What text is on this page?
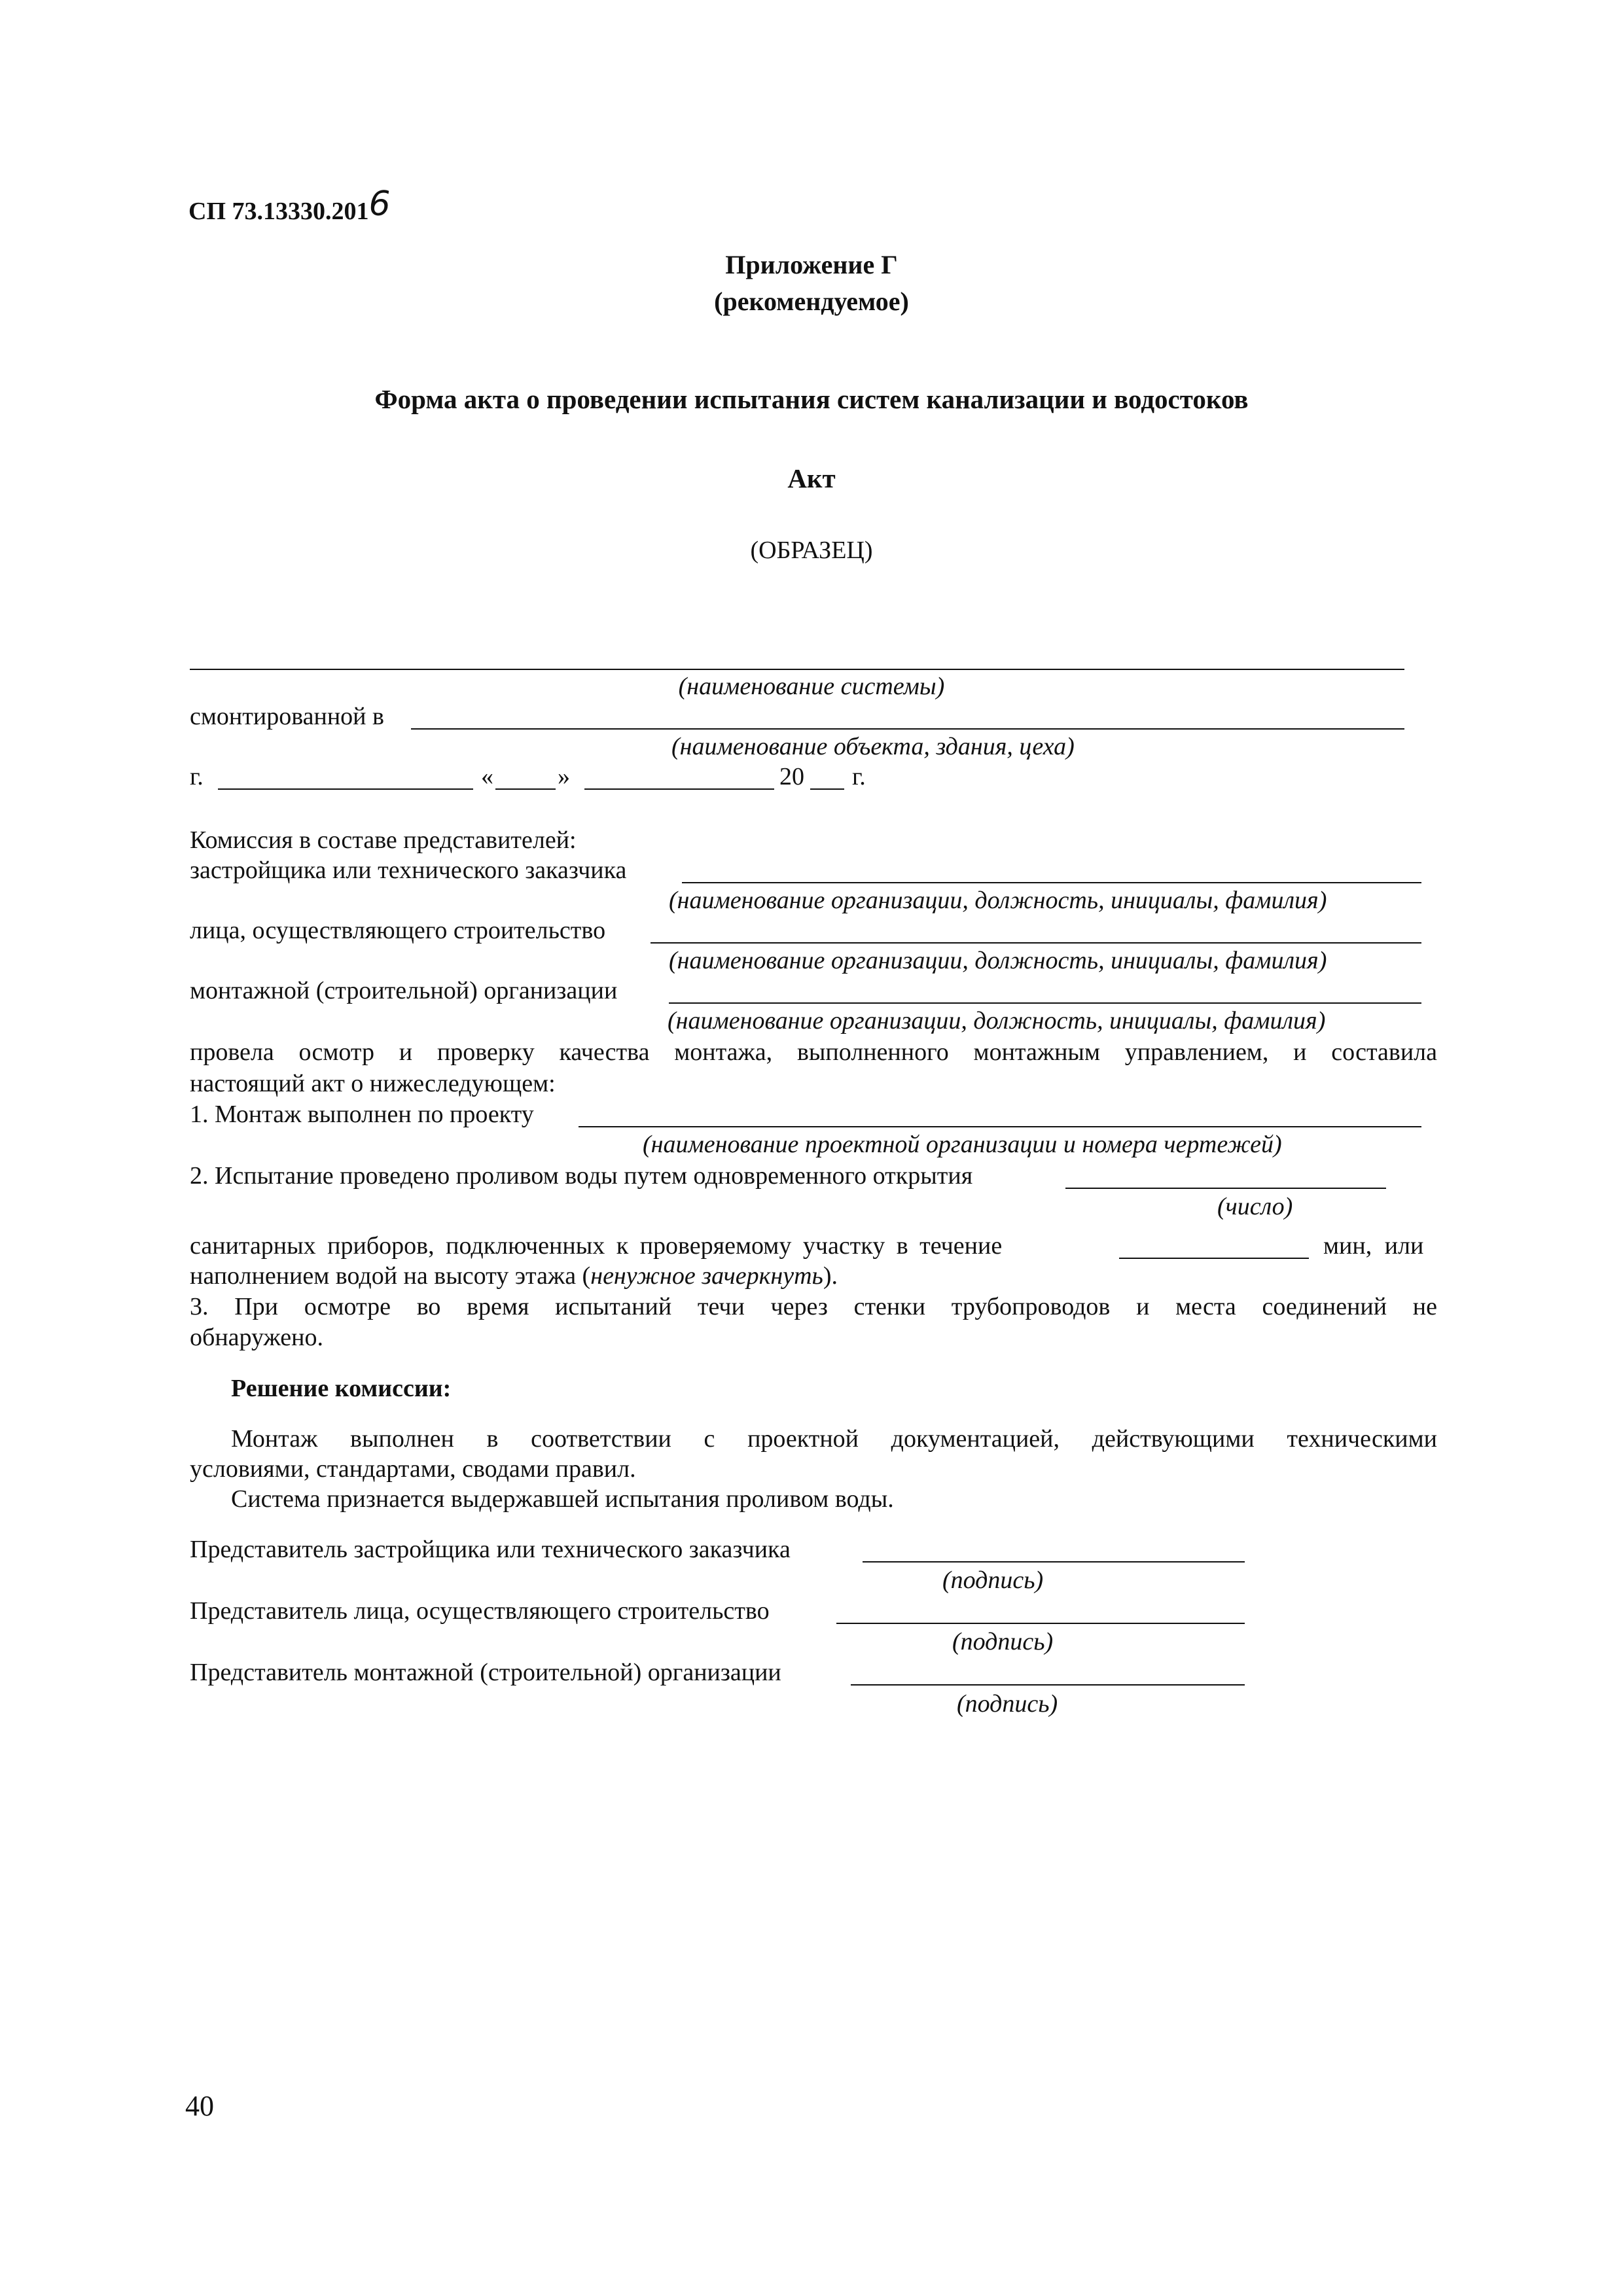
СП 73.13330.2016
Приложение Г
(рекомендуемое)
Форма акта о проведении испытания систем канализации и водостоков
Акт
(ОБРАЗЕЦ)
(наименование системы)
смонтированной в
(наименование объекта, здания, цеха)
г.	«	»	20 г.
Комиссия в составе представителей:
застройщика или технического заказчика
(наименование организации, должность, инициалы, фамилия)
лица, осуществляющего строительство
(наименование организации, должность, инициалы, фамилия)
монтажной (строительной) организации
(наименование организации, должность, инициалы, фамилия)
провела осмотр и проверку качества монтажа, выполненного монтажным управлением, и составила
настоящий акт о нижеследующем:
1. Монтаж выполнен по проекту
(наименование проектной организации и номера чертежей)
2. Испытание проведено проливом воды путем одновременного открытия
(число)
санитарных приборов, подключенных к проверяемому участку в течение	мин, или
наполнением водой на высоту этажа (ненужное зачеркнуть).
3. При осмотре во время испытаний течи через стенки трубопроводов и места соединений не
обнаружено.
Решение комиссии:
Монтаж выполнен в соответствии с проектной документацией, действующими техническими
условиями, стандартами, сводами правил.
Система признается выдержавшей испытания проливом воды.
Представитель застройщика или технического заказчика
(подпись)
Представитель лица, осуществляющего строительство
(подпись)
Представитель монтажной (строительной) организации
(подпись)
40
